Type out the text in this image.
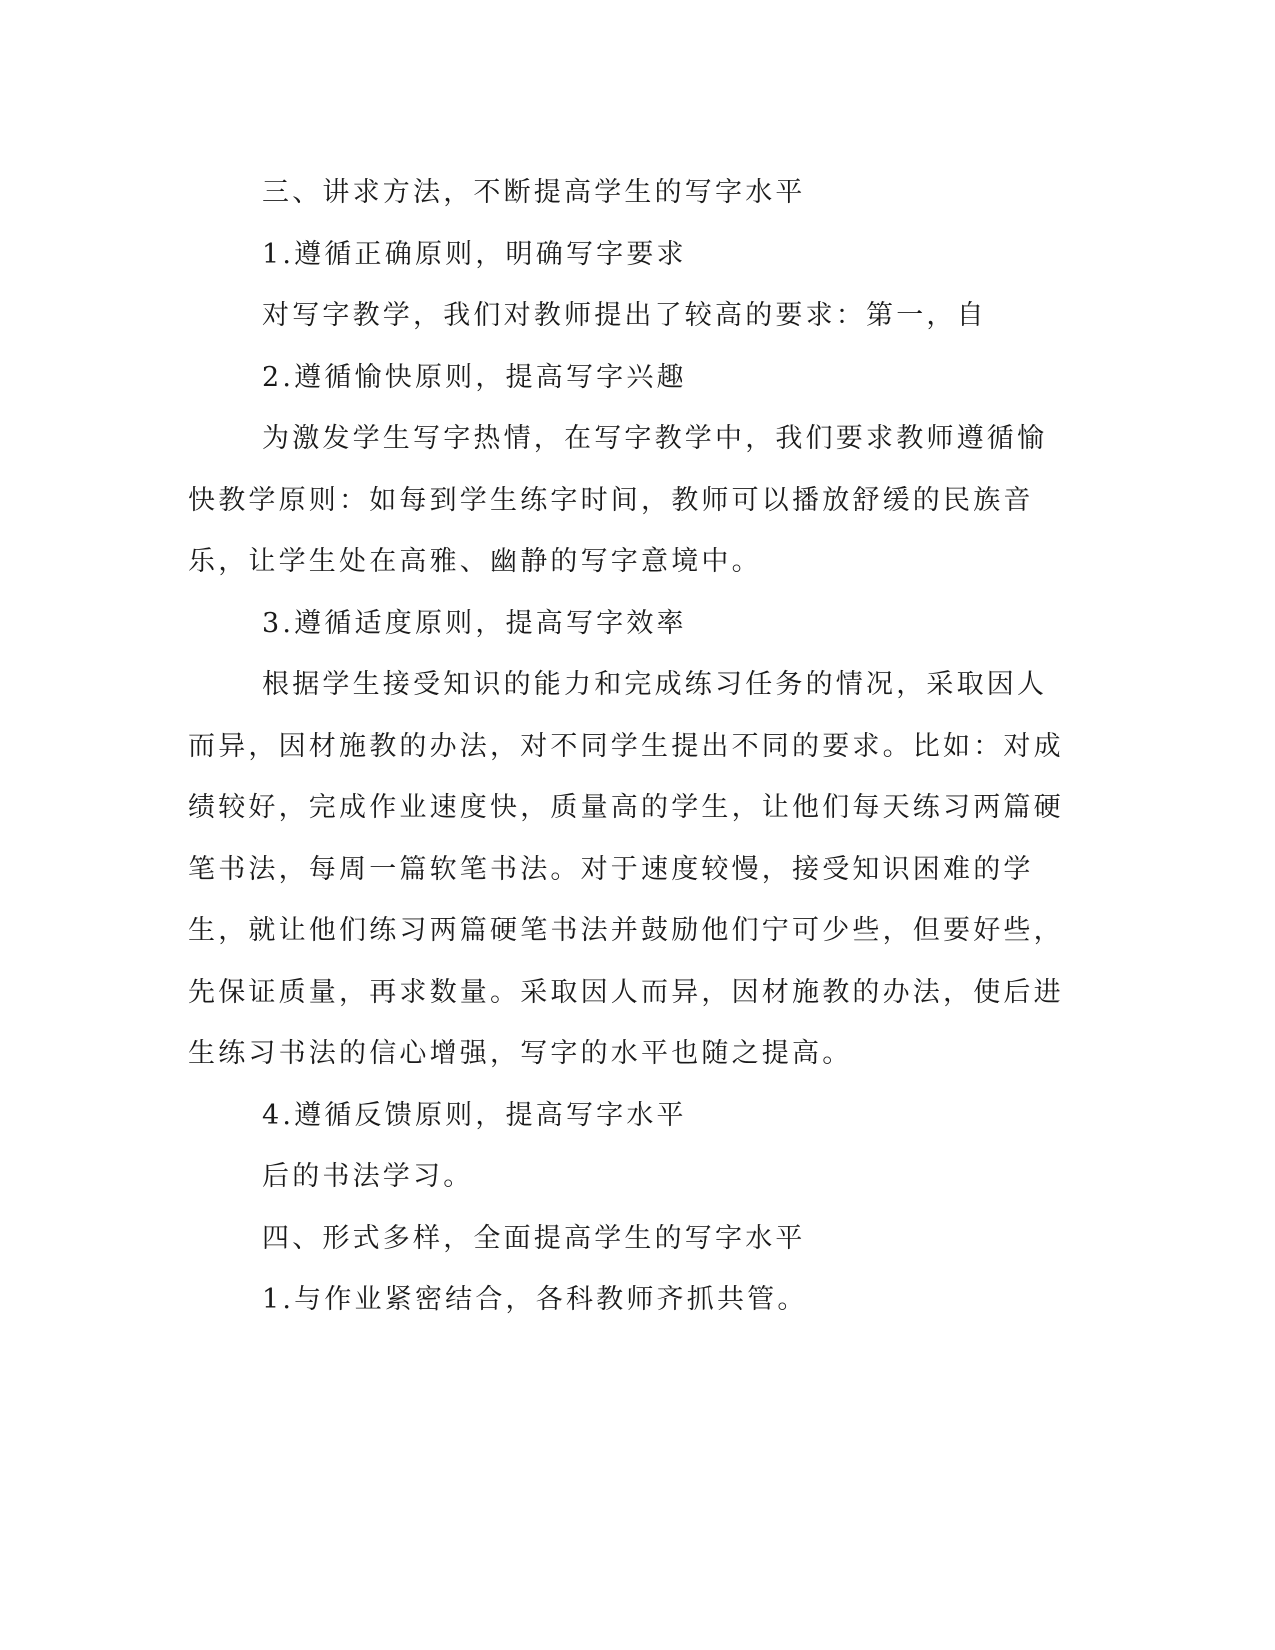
三、讲求方法，不断提高学生的写字水平

1.遵循正确原则，明确写字要求

对写字教学，我们对教师提出了较高的要求：第一，自

2.遵循愉快原则，提高写字兴趣

为激发学生写字热情，在写字教学中，我们要求教师遵循愉快教学原则：如每到学生练字时间，教师可以播放舒缓的民族音乐，让学生处在高雅、幽静的写字意境中。

3.遵循适度原则，提高写字效率

根据学生接受知识的能力和完成练习任务的情况，采取因人而异，因材施教的办法，对不同学生提出不同的要求。比如：对成绩较好，完成作业速度快，质量高的学生，让他们每天练习两篇硬笔书法，每周一篇软笔书法。对于速度较慢，接受知识困难的学生，就让他们练习两篇硬笔书法并鼓励他们宁可少些，但要好些，先保证质量，再求数量。采取因人而异，因材施教的办法，使后进生练习书法的信心增强，写字的水平也随之提高。

4.遵循反馈原则，提高写字水平

后的书法学习。

四、形式多样，全面提高学生的写字水平

1.与作业紧密结合，各科教师齐抓共管。
